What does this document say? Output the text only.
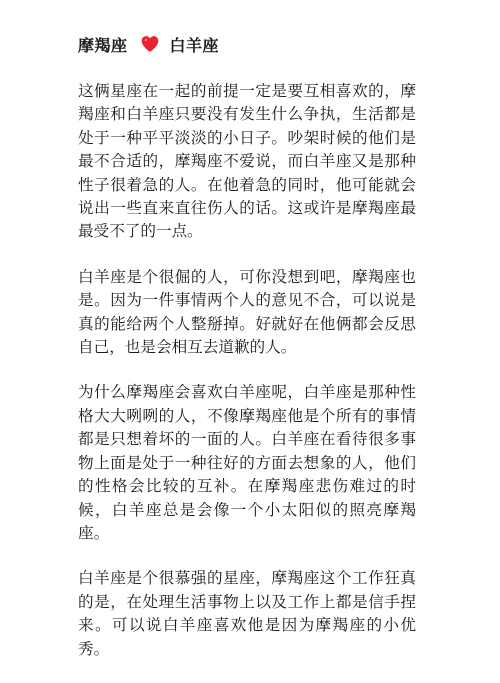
摩羯座	白羊座

这俩星座在一起的前提一定是要互相喜欢的，摩羯座和白羊座只要没有发生什么争执，生活都是处于一种平平淡淡的小日子。吵架时候的他们是最不合适的，摩羯座不爱说，而白羊座又是那种性子很着急的人。在他着急的同时，他可能就会说出一些直来直往伤人的话。这或许是摩羯座最最受不了的一点。

白羊座是个很倔的人，可你没想到吧，摩羯座也是。因为一件事情两个人的意见不合，可以说是真的能给两个人整掰掉。好就好在他俩都会反思自己，也是会相互去道歉的人。

为什么摩羯座会喜欢白羊座呢，白羊座是那种性格大大咧咧的人，不像摩羯座他是个所有的事情都是只想着坏的一面的人。白羊座在看待很多事物上面是处于一种往好的方面去想象的人，他们的性格会比较的互补。在摩羯座悲伤难过的时候，白羊座总是会像一个小太阳似的照亮摩羯座。

白羊座是个很慕强的星座，摩羯座这个工作狂真的是，在处理生活事物上以及工作上都是信手捏来。可以说白羊座喜欢他是因为摩羯座的小优秀。
